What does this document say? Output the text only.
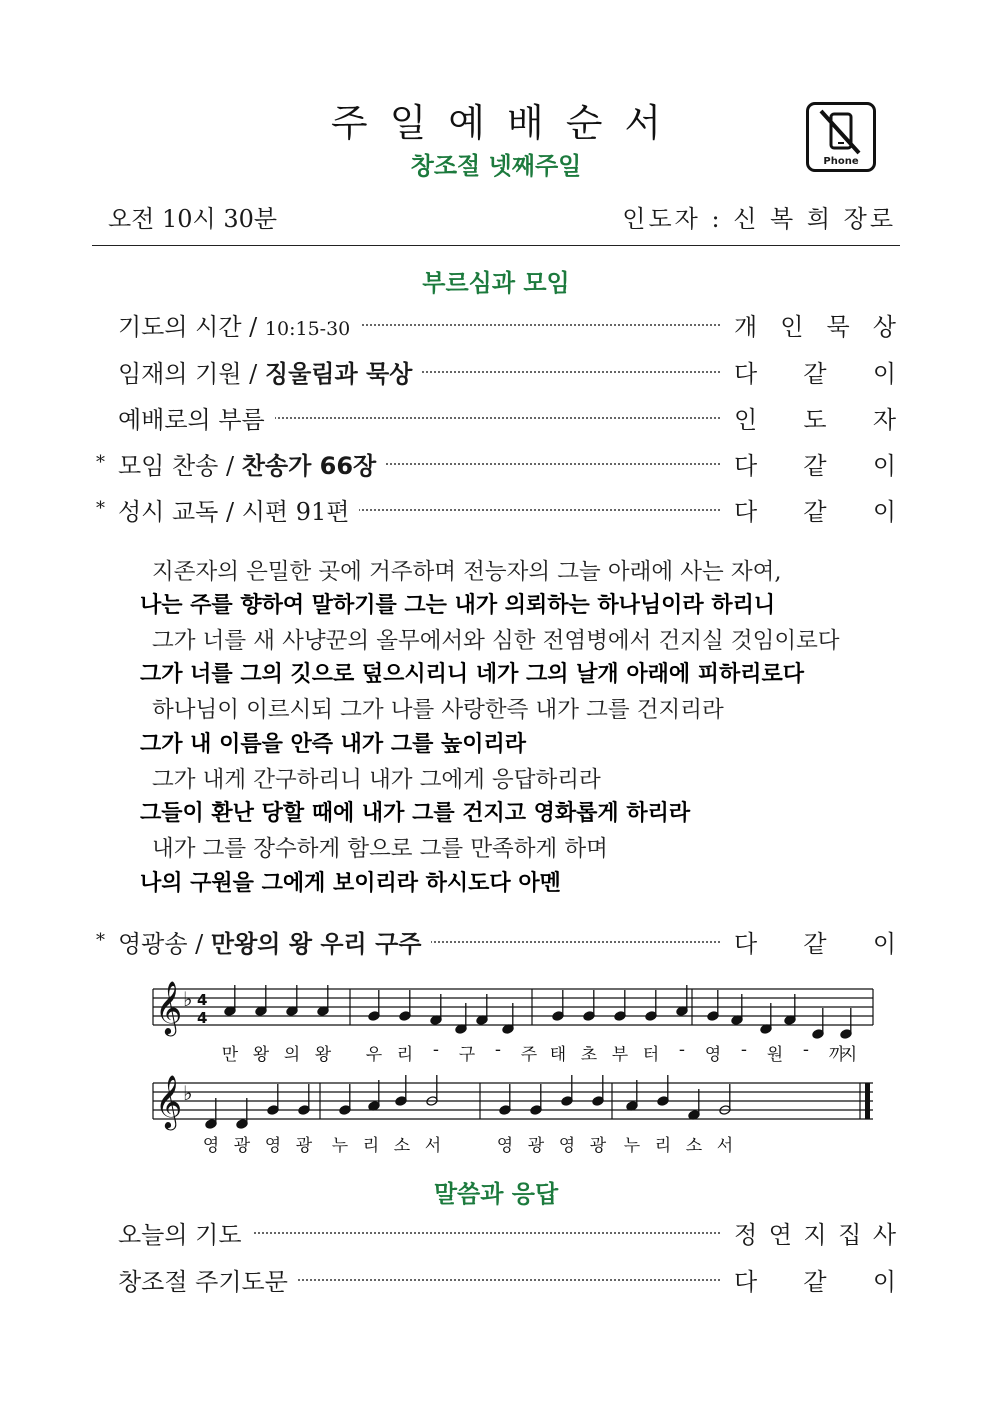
주일예배순서
창조절 넷째주일	Phone
오전 10시 30분	인도자 : 신 복 희 장로
부르심과 모임
기도의 시간 / 10:15-30	개 인 묵 상
임재의 기원 / 징울림과 묵상	다 같 이
예배로의 부름	인 도 자
* 모임 찬송 / 찬송가 66장	다 같 이
* 성시 교독 / 시편 91편	다 같 이
지존자의 은밀한 곳에 거주하며 전능자의 그늘 아래에 사는 자여,
나는 주를 향하여 말하기를 그는 내가 의뢰하는 하나님이라 하리니
그가 너를 새 사냥꾼의 올무에서와 심한 전염병에서 건지실 것임이로다
그가 너를 그의 깃으로 덮으시리니 네가 그의 날개 아래에 피하리로다
하나님이 이르시되 그가 나를 사랑한즉 내가 그를 건지리라
그가 내 이름을 안즉 내가 그를 높이리라
그가 내게 간구하리니 내가 그에게 응답하리라
그들이 환난 당할 때에 내가 그를 건지고 영화롭게 하리라
내가 그를 장수하게 함으로 그를 만족하게 하며
나의 구원을 그에게 보이리라 하시도다 아멘
* 영광송 / 만왕의 왕 우리 구주	다 같 이
𝄞
𝄞
♭
♭
4
4
만 왕 의 왕 우 리 - 구 - 주 태 초 부 터 - 영 - 원 - 까
지
영 광 영 광 누 리 소 서	영 광 영 광 누 리 소 서
말씀과 응답
오늘의 기도	정 연 지 집 사
창조절 주기도문	다 같 이
